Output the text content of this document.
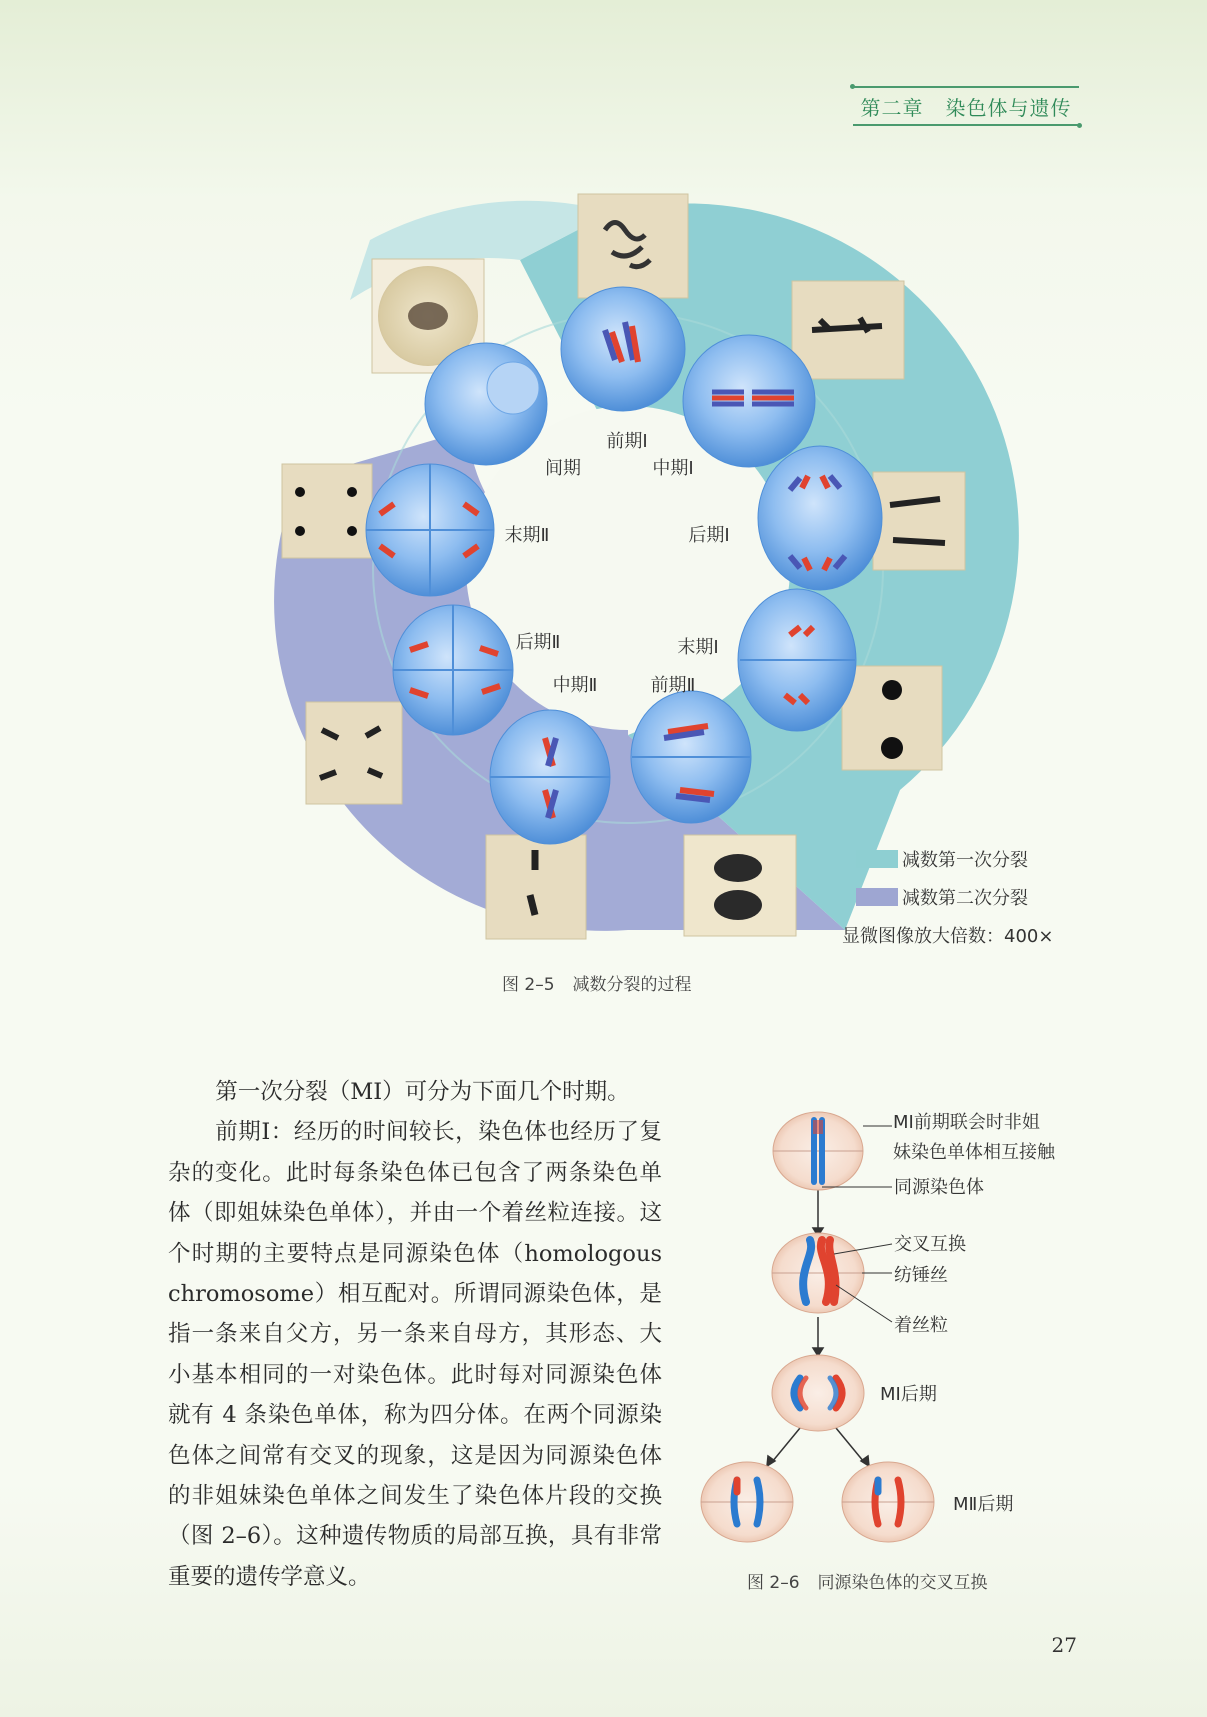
第二章 染色体与遗传
间期
前期Ⅰ
中期Ⅰ
后期Ⅰ
末期Ⅰ
前期Ⅱ
中期Ⅱ
后期Ⅱ
末期Ⅱ
减数第一次分裂
减数第二次分裂
显微图像放大倍数：400×
图 2–5 减数分裂的过程

第一次分裂（MⅠ）可分为下面几个时期。

前期Ⅰ：经历的时间较长，染色体也经历了复杂的变化。此时每条染色体已包含了两条染色单体（即姐妹染色单体），并由一个着丝粒连接。这个时期的主要特点是同源染色体（homologous chromosome）相互配对。所谓同源染色体，是指一条来自父方，另一条来自母方，其形态、大小基本相同的一对染色体。此时每对同源染色体就有 4 条染色单体，称为四分体。在两个同源染色体之间常有交叉的现象，这是因为同源染色体的非姐妹染色单体之间发生了染色体片段的交换（图 2–6）。这种遗传物质的局部互换，具有非常重要的遗传学意义。

MⅠ前期联会时非姐
妹染色单体相互接触
同源染色体
交叉互换
纺锤丝
着丝粒
MⅠ后期
MⅡ后期
图 2–6 同源染色体的交叉互换
27
